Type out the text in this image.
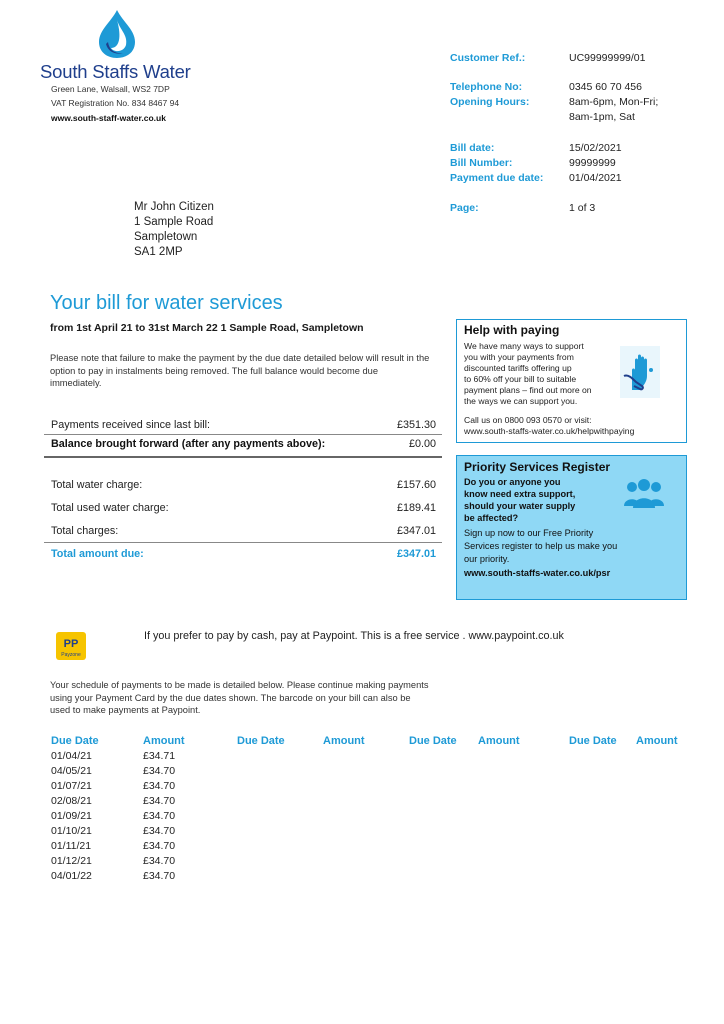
South Staffs Water
Green Lane, Walsall, WS2 7DP
VAT Registration No. 834 8467 94
www.south-staff-water.co.uk
Customer Ref.:	UC99999999/01
Telephone No:	0345 60 70 456
Opening Hours:	8am-6pm, Mon-Fri;
8am-1pm, Sat
Bill date:	15/02/2021
Bill Number:	99999999
Payment due date: 01/04/2021
Page:	1 of 3
Mr John Citizen
1 Sample Road
Sampletown
SA1 2MP
Your bill for water services
from 1st April 21 to 31st March 22 1 Sample Road, Sampletown
Please note that failure to make the payment by the due date detailed below will result in the option to pay in instalments being removed. The full balance would become due immediately.
Payments received since last bill:	£351.30
Balance brought forward (after any payments above):	£0.00
Total water charge:	£157.60
Total used water charge:	£189.41
Total charges:	£347.01
Total amount due:	£347.01
Help with paying
We have many ways to support
you with your payments from
discounted tariffs offering up
to 60% off your bill to suitable
payment plans – find out more on
the ways we can support you.
Call us on 0800 093 0570 or visit:
www.south-staffs-water.co.uk/helpwithpaying
Priority Services Register
Do you or anyone you
know need extra support,
should your water supply
be affected?
Sign up now to our Free Priority
Services register to help us make you
our priority.
www.south-staffs-water.co.uk/psr
PP
Payzone
If you prefer to pay by cash, pay at Paypoint. This is a free service . www.paypoint.co.uk
Your schedule of payments to be made is detailed below. Please continue making payments using your Payment Card by the due dates shown. The barcode on your bill can also be used to make payments at Paypoint.
Due Date	Amount	Due Date	Amount	Due Date Amount	Due Date Amount
01/04/21	£34.71
04/05/21	£34.70
01/07/21	£34.70
02/08/21	£34.70
01/09/21	£34.70
01/10/21	£34.70
01/11/21	£34.70
01/12/21	£34.70
04/01/22	£34.70
